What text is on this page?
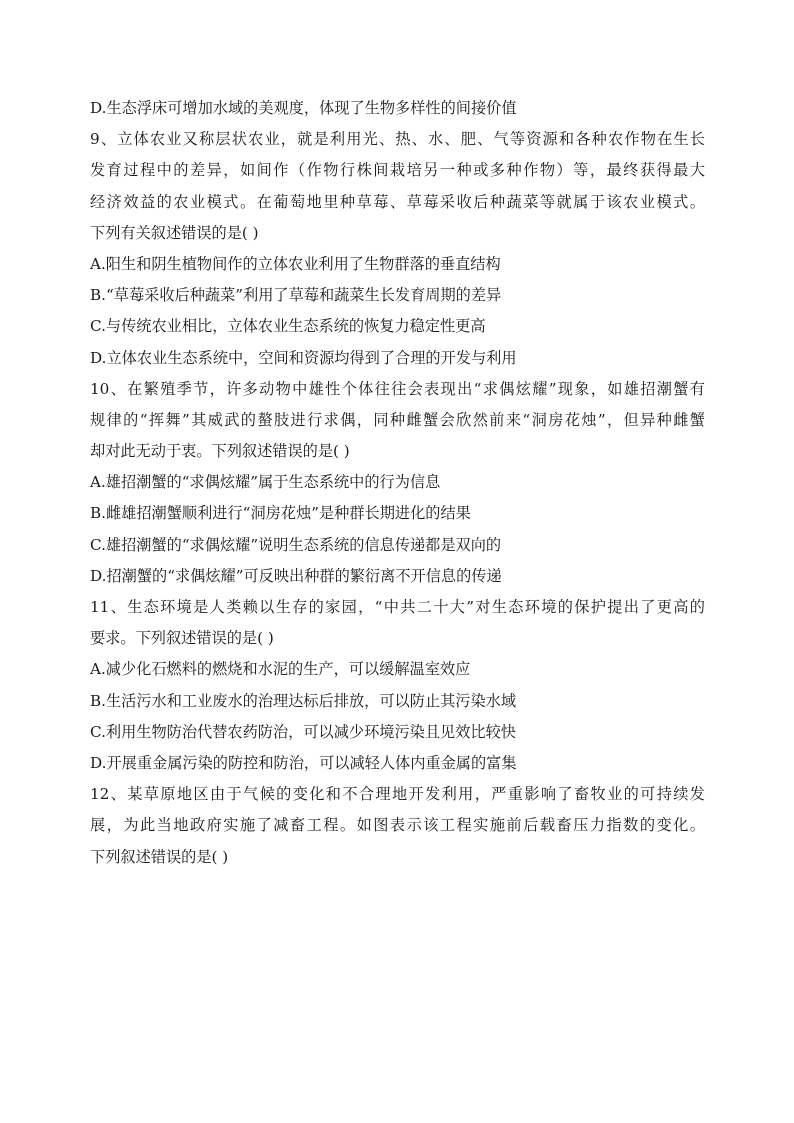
D.生态浮床可增加水域的美观度，体现了生物多样性的间接价值
9、立体农业又称层状农业，就是利用光、热、水、肥、气等资源和各种农作物在生长
发育过程中的差异，如间作（作物行株间栽培另一种或多种作物）等，最终获得最大
经济效益的农业模式。在葡萄地里种草莓、草莓采收后种蔬菜等就属于该农业模式。
下列有关叙述错误的是( )
A.阳生和阴生植物间作的立体农业利用了生物群落的垂直结构
B.“草莓采收后种蔬菜”利用了草莓和蔬菜生长发育周期的差异
C.与传统农业相比，立体农业生态系统的恢复力稳定性更高
D.立体农业生态系统中，空间和资源均得到了合理的开发与利用
10、在繁殖季节，许多动物中雄性个体往往会表现出“求偶炫耀”现象，如雄招潮蟹有
规律的“挥舞”其威武的螯肢进行求偶，同种雌蟹会欣然前来“洞房花烛”，但异种雌蟹
却对此无动于衷。下列叙述错误的是( )
A.雄招潮蟹的“求偶炫耀”属于生态系统中的行为信息
B.雌雄招潮蟹顺利进行“洞房花烛”是种群长期进化的结果
C.雄招潮蟹的“求偶炫耀”说明生态系统的信息传递都是双向的
D.招潮蟹的“求偶炫耀”可反映出种群的繁衍离不开信息的传递
11、生态环境是人类赖以生存的家园，“中共二十大”对生态环境的保护提出了更高的
要求。下列叙述错误的是( )
A.减少化石燃料的燃烧和水泥的生产，可以缓解温室效应
B.生活污水和工业废水的治理达标后排放，可以防止其污染水域
C.利用生物防治代替农药防治，可以减少环境污染且见效比较快
D.开展重金属污染的防控和防治，可以减轻人体内重金属的富集
12、某草原地区由于气候的变化和不合理地开发利用，严重影响了畜牧业的可持续发
展，为此当地政府实施了减畜工程。如图表示该工程实施前后载畜压力指数的变化。
下列叙述错误的是( )
